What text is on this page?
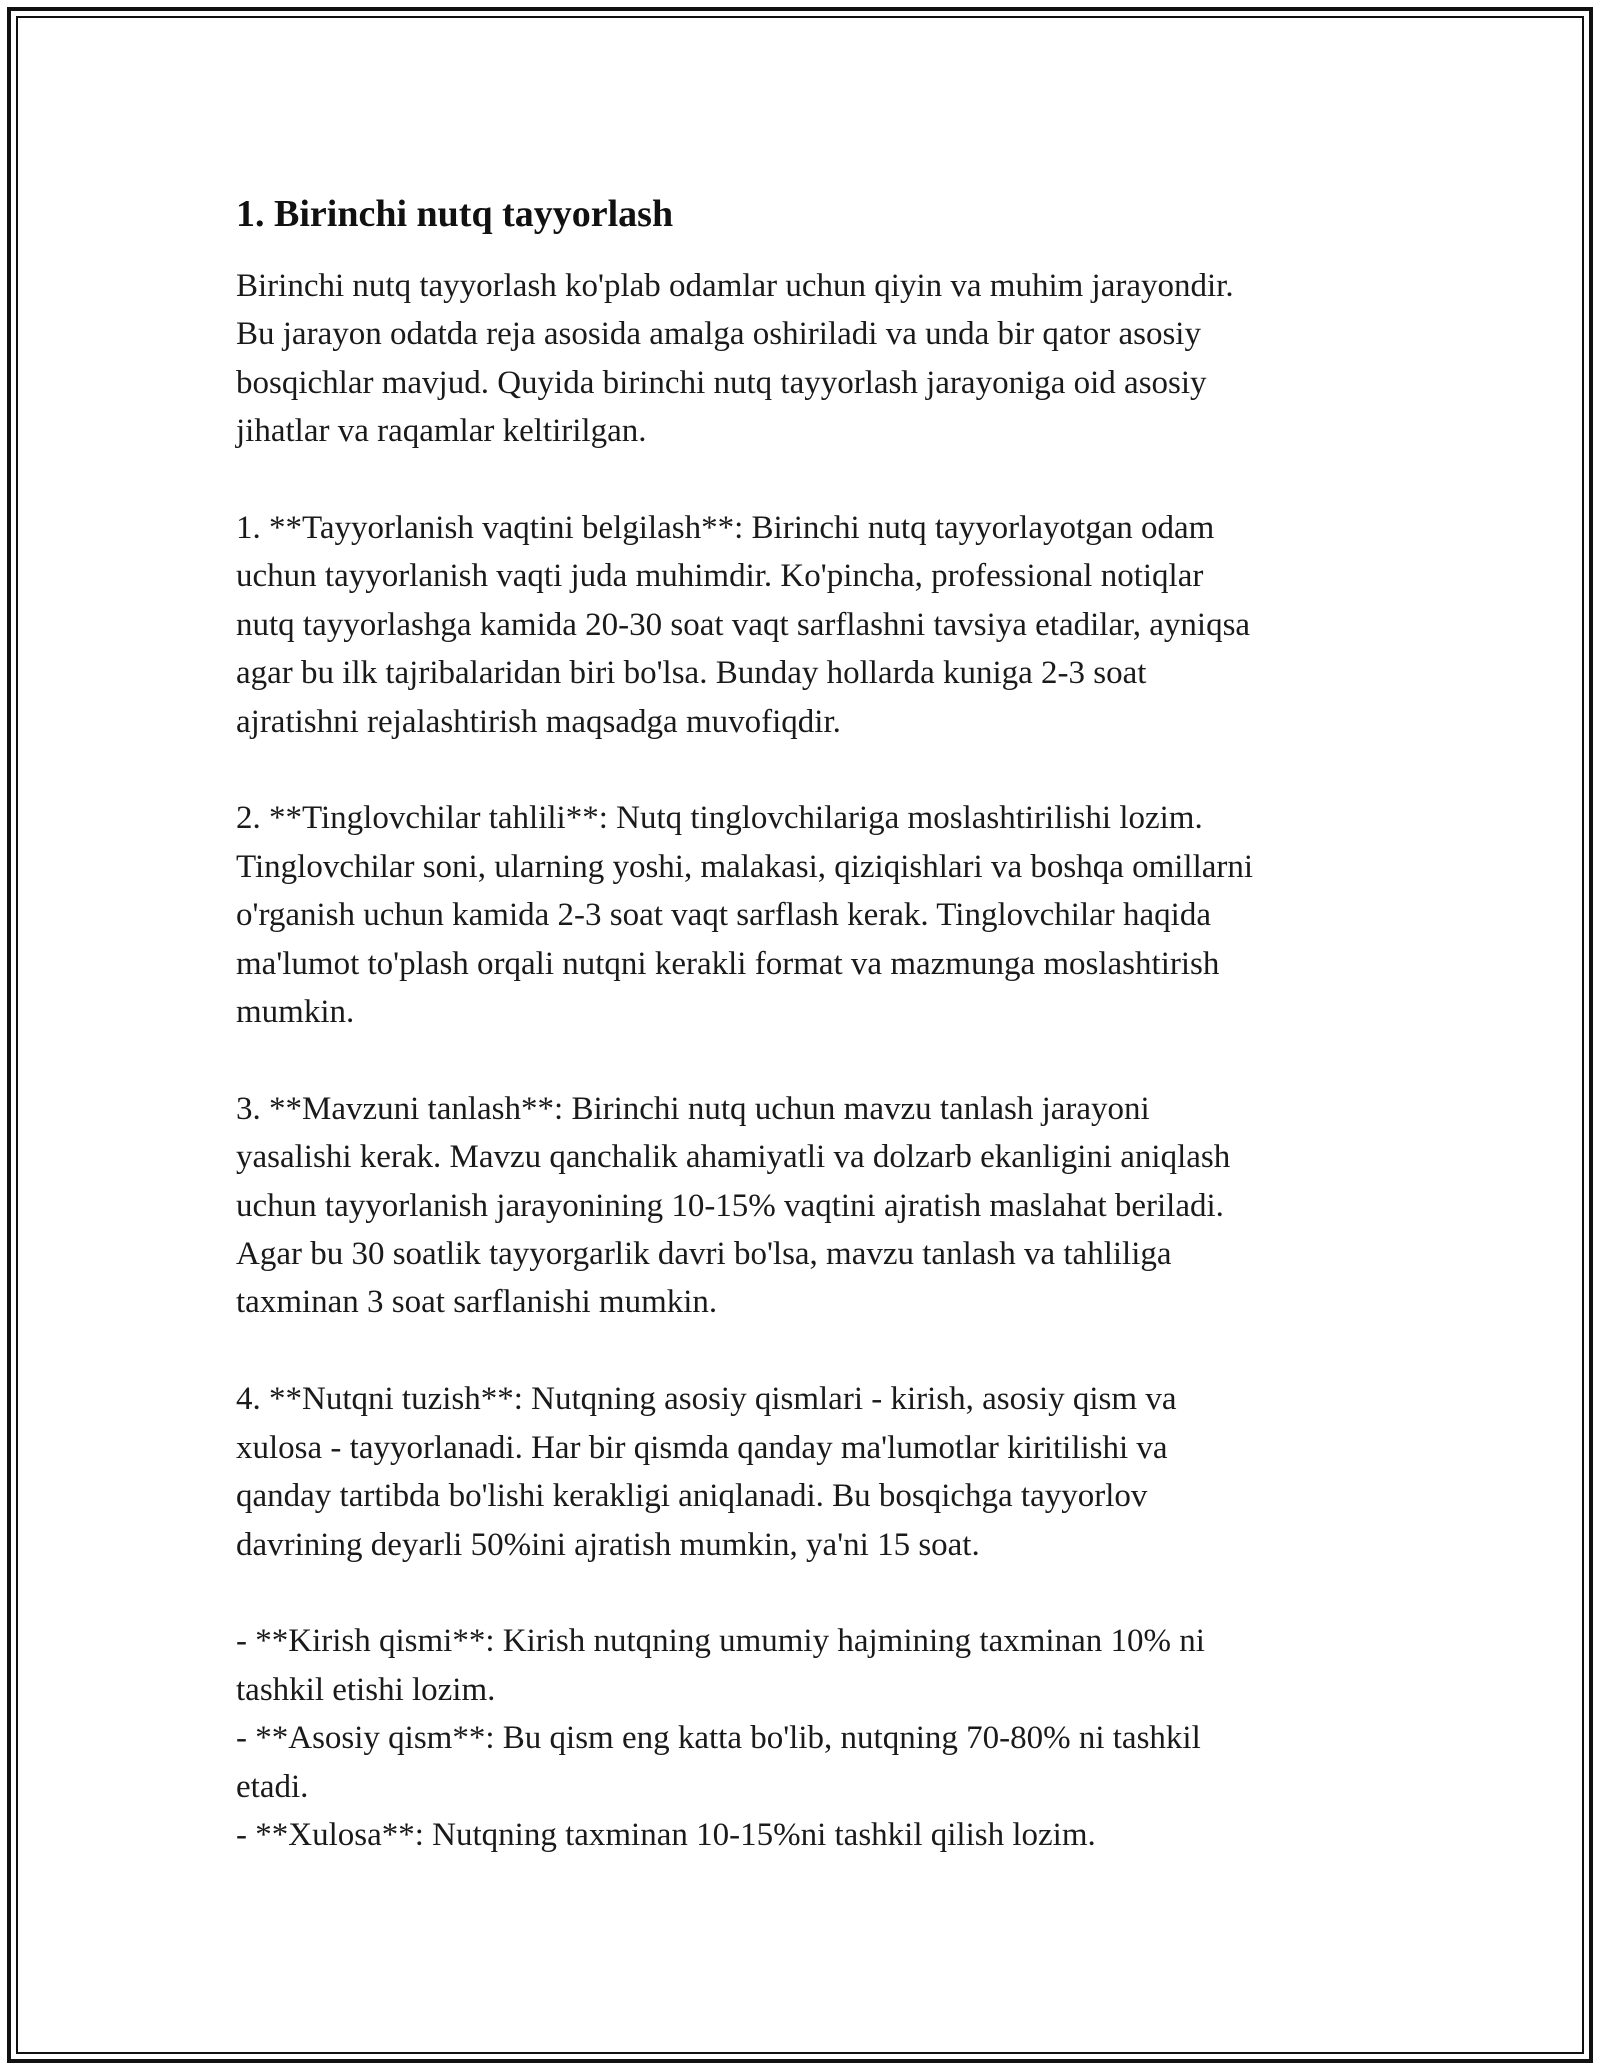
1. Birinchi nutq tayyorlash

Birinchi nutq tayyorlash ko'plab odamlar uchun qiyin va muhim jarayondir.
Bu jarayon odatda reja asosida amalga oshiriladi va unda bir qator asosiy
bosqichlar mavjud. Quyida birinchi nutq tayyorlash jarayoniga oid asosiy
jihatlar va raqamlar keltirilgan.

1. **Tayyorlanish vaqtini belgilash**: Birinchi nutq tayyorlayotgan odam
uchun tayyorlanish vaqti juda muhimdir. Ko'pincha, professional notiqlar
nutq tayyorlashga kamida 20-30 soat vaqt sarflashni tavsiya etadilar, ayniqsa
agar bu ilk tajribalaridan biri bo'lsa. Bunday hollarda kuniga 2-3 soat
ajratishni rejalashtirish maqsadga muvofiqdir.

2. **Tinglovchilar tahlili**: Nutq tinglovchilariga moslashtirilishi lozim.
Tinglovchilar soni, ularning yoshi, malakasi, qiziqishlari va boshqa omillarni
o'rganish uchun kamida 2-3 soat vaqt sarflash kerak. Tinglovchilar haqida
ma'lumot to'plash orqali nutqni kerakli format va mazmunga moslashtirish
mumkin.

3. **Mavzuni tanlash**: Birinchi nutq uchun mavzu tanlash jarayoni
yasalishi kerak. Mavzu qanchalik ahamiyatli va dolzarb ekanligini aniqlash
uchun tayyorlanish jarayonining 10-15% vaqtini ajratish maslahat beriladi.
Agar bu 30 soatlik tayyorgarlik davri bo'lsa, mavzu tanlash va tahliliga
taxminan 3 soat sarflanishi mumkin.

4. **Nutqni tuzish**: Nutqning asosiy qismlari - kirish, asosiy qism va
xulosa - tayyorlanadi. Har bir qismda qanday ma'lumotlar kiritilishi va
qanday tartibda bo'lishi kerakligi aniqlanadi. Bu bosqichga tayyorlov
davrining deyarli 50%ini ajratish mumkin, ya'ni 15 soat.

- **Kirish qismi**: Kirish nutqning umumiy hajmining taxminan 10% ni
tashkil etishi lozim.
- **Asosiy qism**: Bu qism eng katta bo'lib, nutqning 70-80% ni tashkil
etadi.
- **Xulosa**: Nutqning taxminan 10-15%ni tashkil qilish lozim.
